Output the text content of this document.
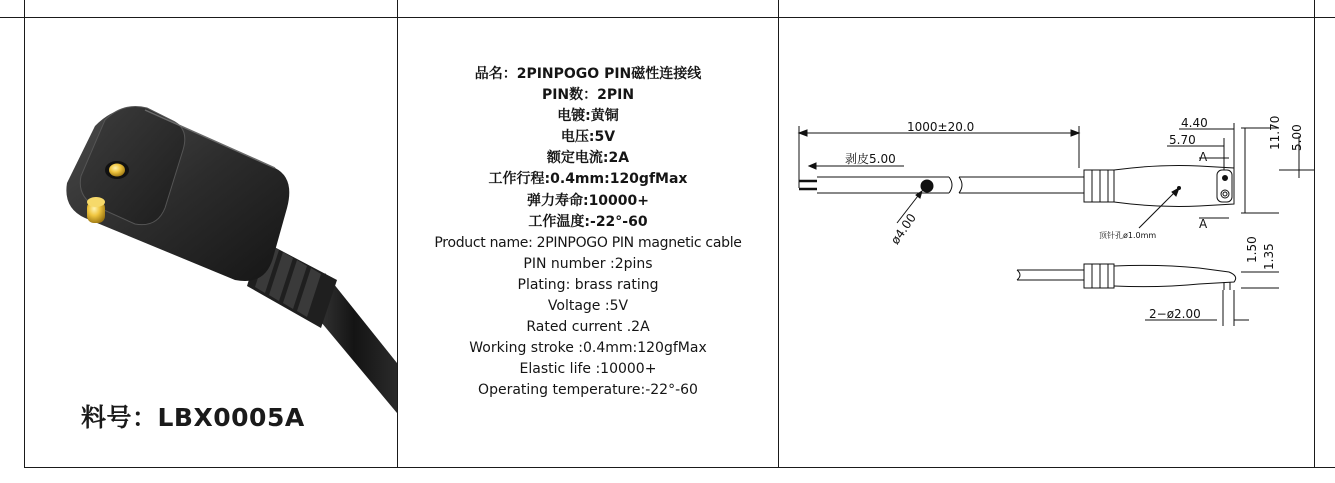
料号：LBX0005A
品名：2PINPOGO PIN磁性连接线
PIN数：2PIN
电镀:黄铜
电压:5V
额定电流:2A
工作行程:0.4mm:120gfMax
弹力寿命:10000+
工作温度:-22°-60
Product name: 2PINPOGO PIN magnetic cable
PIN number :2pins
Plating: brass rating
Voltage :5V
Rated current .2A
Working stroke :0.4mm:120gfMax
Elastic life :10000+
Operating temperature:-22°-60
1000±20.0
剥皮5.00
ø4.00
A
A
4.40
5.70	11.70 5.00
顶针孔ø1.0mm
1.50 1.35
2−ø2.00
